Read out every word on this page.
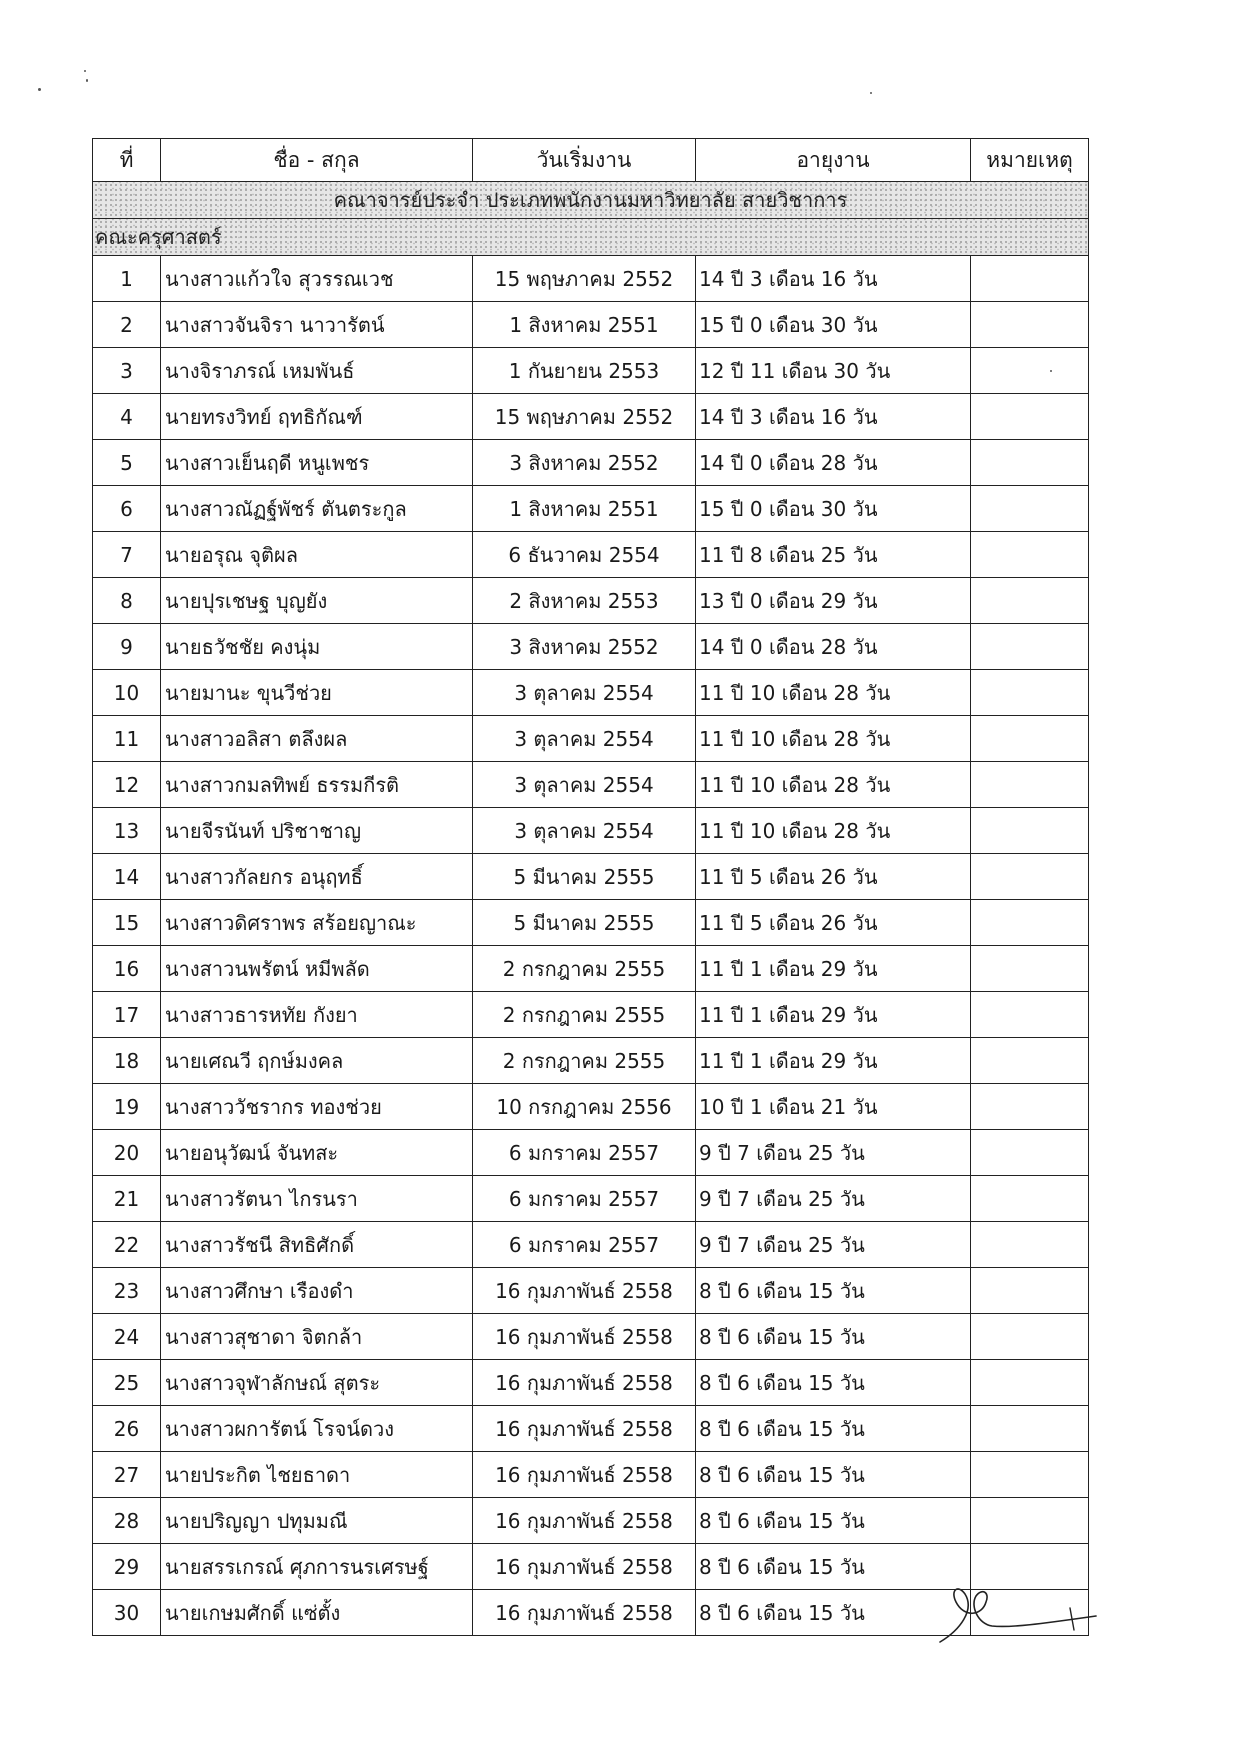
ที่	ชื่อ - สกุล	วันเริ่มงาน	อายุงาน	หมายเหตุ
คณาจารย์ประจำ ประเภทพนักงานมหาวิทยาลัย สายวิชาการ				
คณะครุศาสตร์				
1	นางสาวแก้วใจ สุวรรณเวช	15 พฤษภาคม 2552	14 ปี 3 เดือน 16 วัน	
2	นางสาวจันจิรา นาวารัตน์	1 สิงหาคม 2551	15 ปี 0 เดือน 30 วัน	
3	นางจิราภรณ์ เหมพันธ์	1 กันยายน 2553	12 ปี 11 เดือน 30 วัน	
4	นายทรงวิทย์ ฤทธิกัณฑ์	15 พฤษภาคม 2552	14 ปี 3 เดือน 16 วัน	
5	นางสาวเย็นฤดี หนูเพชร	3 สิงหาคม 2552	14 ปี 0 เดือน 28 วัน	
6	นางสาวณัฏฐ์พัชร์ ตันตระกูล	1 สิงหาคม 2551	15 ปี 0 เดือน 30 วัน	
7	นายอรุณ จุติผล	6 ธันวาคม 2554	11 ปี 8 เดือน 25 วัน	
8	นายปุรเชษฐ บุญยัง	2 สิงหาคม 2553	13 ปี 0 เดือน 29 วัน	
9	นายธวัชชัย คงนุ่ม	3 สิงหาคม 2552	14 ปี 0 เดือน 28 วัน	
10	นายมานะ ขุนวีช่วย	3 ตุลาคม 2554	11 ปี 10 เดือน 28 วัน	
11	นางสาวอลิสา ตลึงผล	3 ตุลาคม 2554	11 ปี 10 เดือน 28 วัน	
12	นางสาวกมลทิพย์ ธรรมกีรติ	3 ตุลาคม 2554	11 ปี 10 เดือน 28 วัน	
13	นายจีรนันท์ ปริชาชาญ	3 ตุลาคม 2554	11 ปี 10 เดือน 28 วัน	
14	นางสาวกัลยกร อนุฤทธิ์	5 มีนาคม 2555	11 ปี 5 เดือน 26 วัน	
15	นางสาวดิศราพร สร้อยญาณะ	5 มีนาคม 2555	11 ปี 5 เดือน 26 วัน	
16	นางสาวนพรัตน์ หมีพลัด	2 กรกฎาคม 2555	11 ปี 1 เดือน 29 วัน	
17	นางสาวธารหทัย กังยา	2 กรกฎาคม 2555	11 ปี 1 เดือน 29 วัน	
18	นายเศณวี ฤกษ์มงคล	2 กรกฎาคม 2555	11 ปี 1 เดือน 29 วัน	
19	นางสาววัชรากร ทองช่วย	10 กรกฎาคม 2556	10 ปี 1 เดือน 21 วัน	
20	นายอนุวัฒน์ จันทสะ	6 มกราคม 2557	9 ปี 7 เดือน 25 วัน	
21	นางสาวรัตนา ไกรนรา	6 มกราคม 2557	9 ปี 7 เดือน 25 วัน	
22	นางสาวรัชนี สิทธิศักดิ์	6 มกราคม 2557	9 ปี 7 เดือน 25 วัน	
23	นางสาวศึกษา เรืองดำ	16 กุมภาพันธ์ 2558	8 ปี 6 เดือน 15 วัน	
24	นางสาวสุชาดา จิตกล้า	16 กุมภาพันธ์ 2558	8 ปี 6 เดือน 15 วัน	
25	นางสาวจุฬาลักษณ์ สุตระ	16 กุมภาพันธ์ 2558	8 ปี 6 เดือน 15 วัน	
26	นางสาวผการัตน์ โรจน์ดวง	16 กุมภาพันธ์ 2558	8 ปี 6 เดือน 15 วัน	
27	นายประกิต ไชยธาดา	16 กุมภาพันธ์ 2558	8 ปี 6 เดือน 15 วัน	
28	นายปริญญา ปทุมมณี	16 กุมภาพันธ์ 2558	8 ปี 6 เดือน 15 วัน	
29	นายสรรเกรณ์ ศุภการนรเศรษฐ์	16 กุมภาพันธ์ 2558	8 ปี 6 เดือน 15 วัน	
30	นายเกษมศักดิ์ แซ่ตั้ง	16 กุมภาพันธ์ 2558	8 ปี 6 เดือน 15 วัน	
